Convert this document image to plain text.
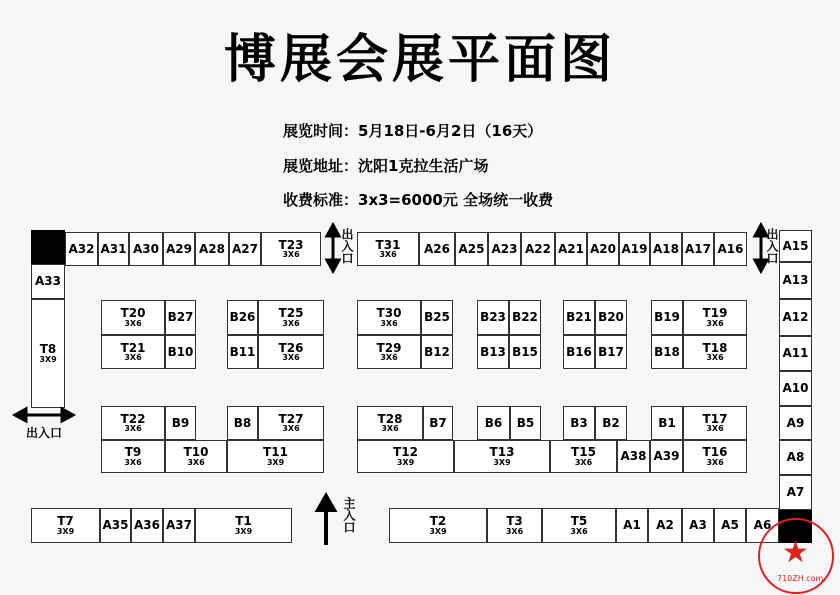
博展会展平面图
展览时间：5月18日-6月2日（16天）
展览地址：沈阳1克拉生活广场
收费标准：3x3=6000元 全场统一收费
A32 A31 A30 A29 A28 A27 T23
3X6
T31
3X6 A26 A25 A23 A22 A21 A20 A19 A18 A17 A16	A15
A13
A12
A11
A10
A9
A8
A7
A33
T8
3X9
T20
3X6 B27
T21
3X6 B10
B26 T25
3X6
B11 T26
3X6
T30
3X6 B25
T29
3X6 B12
B23 B22
B13 B15
B21 B20
B16 B17
B19 T19
3X6
B18 T18
3X6
T22
3X6	B9	B8 T27
3X6
T9
3X6
T10
3X6
T11
3X9
T28
3X6	B7	B6 B5	B3 B2	B1 T17
3X6
T12
3X9
T13
3X9
T15
3X6 A38 A39 T16
3X6
T7
3X9 A35 A36 A37	T1
3X9
T2
3X9
T3
3X6
T5
3X6	A1 A2 A3 A5 A6
出入口	出入口
出入口
主入口
★
710ZH.com
